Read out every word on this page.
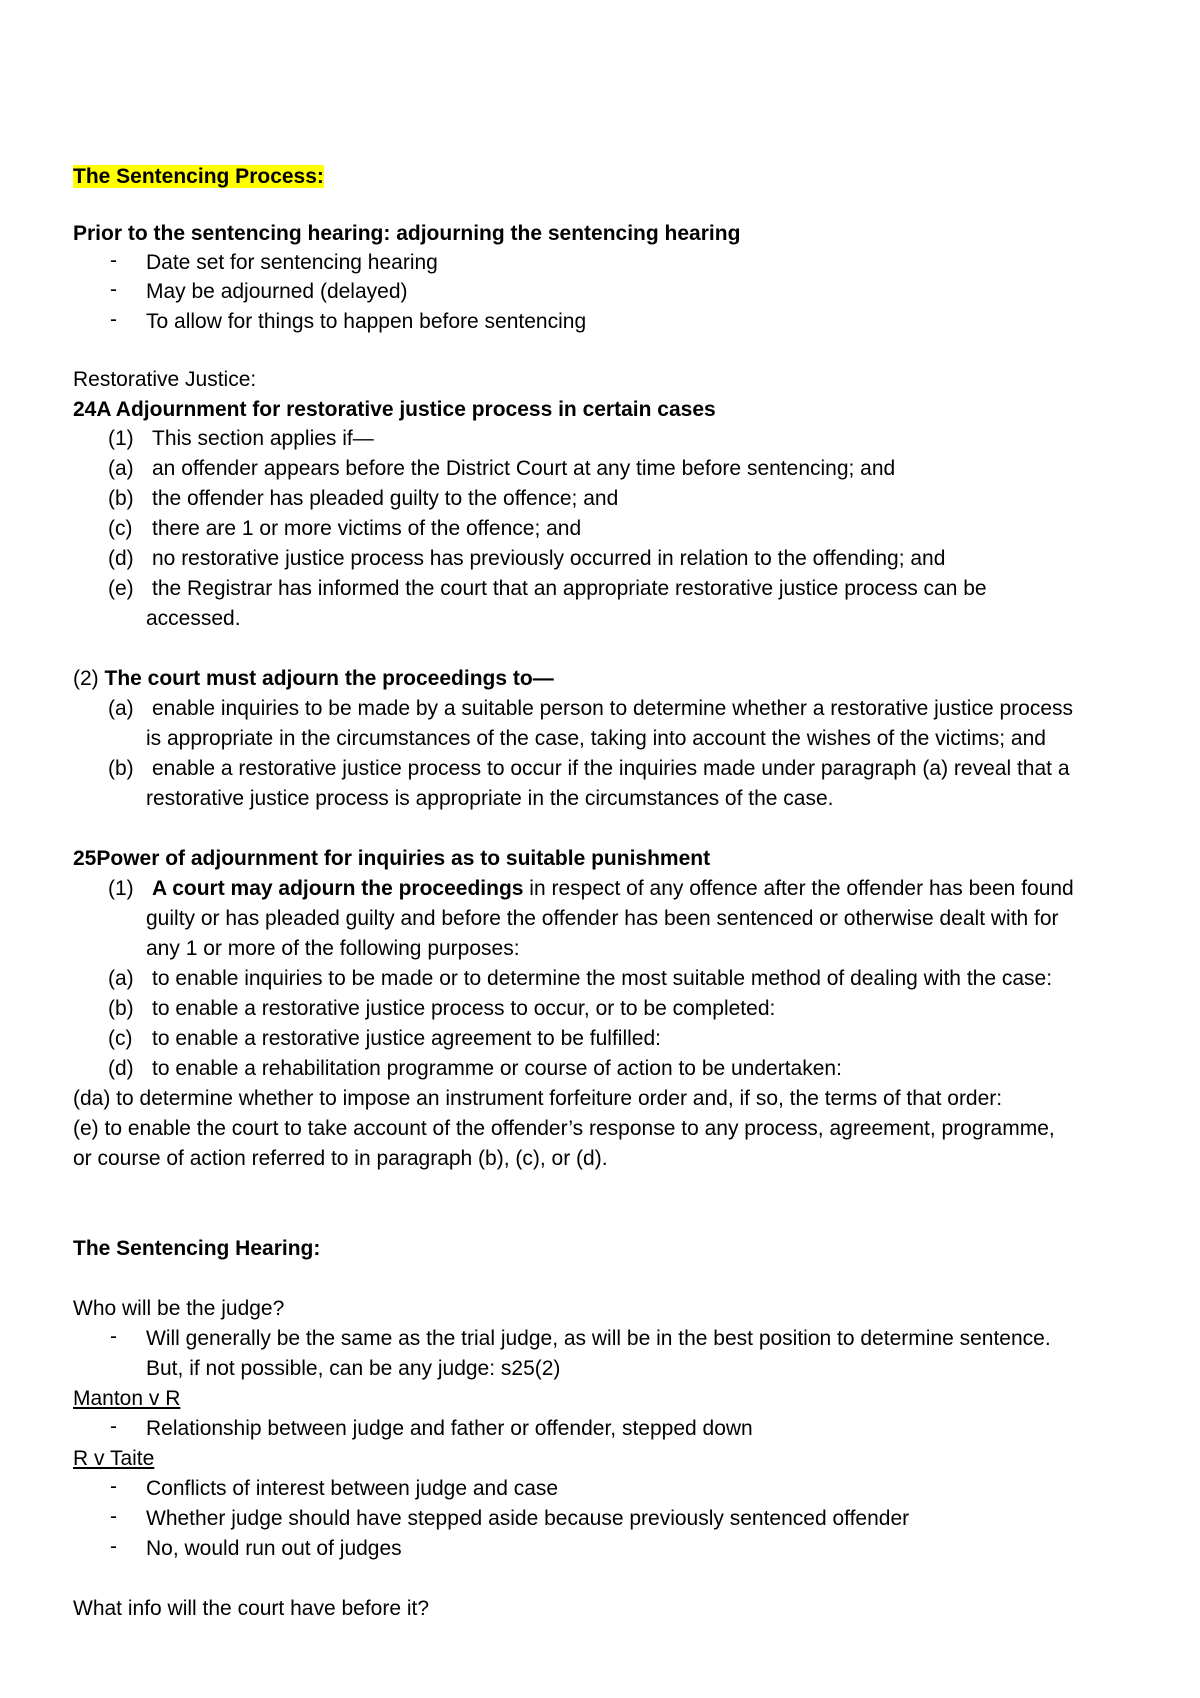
The Sentencing Process:
Prior to the sentencing hearing: adjourning the sentencing hearing
- Date set for sentencing hearing
- May be adjourned (delayed)
- To allow for things to happen before sentencing
Restorative Justice:
24A Adjournment for restorative justice process in certain cases
(1) This section applies if—
(a) an offender appears before the District Court at any time before sentencing; and
(b) the offender has pleaded guilty to the offence; and
(c) there are 1 or more victims of the offence; and
(d) no restorative justice process has previously occurred in relation to the offending; and
(e) the Registrar has informed the court that an appropriate restorative justice process can be
accessed.
(2) The court must adjourn the proceedings to—
(a) enable inquiries to be made by a suitable person to determine whether a restorative justice process
is appropriate in the circumstances of the case, taking into account the wishes of the victims; and
(b) enable a restorative justice process to occur if the inquiries made under paragraph (a) reveal that a
restorative justice process is appropriate in the circumstances of the case.
25Power of adjournment for inquiries as to suitable punishment
(1) A court may adjourn the proceedings in respect of any offence after the offender has been found
guilty or has pleaded guilty and before the offender has been sentenced or otherwise dealt with for
any 1 or more of the following purposes:
(a) to enable inquiries to be made or to determine the most suitable method of dealing with the case:
(b) to enable a restorative justice process to occur, or to be completed:
(c) to enable a restorative justice agreement to be fulfilled:
(d) to enable a rehabilitation programme or course of action to be undertaken:
(da) to determine whether to impose an instrument forfeiture order and, if so, the terms of that order:
(e) to enable the court to take account of the offender’s response to any process, agreement, programme,
or course of action referred to in paragraph (b), (c), or (d).
The Sentencing Hearing:
Who will be the judge?
- Will generally be the same as the trial judge, as will be in the best position to determine sentence.
But, if not possible, can be any judge: s25(2)
Manton v R
- Relationship between judge and father or offender, stepped down
R v Taite
- Conflicts of interest between judge and case
- Whether judge should have stepped aside because previously sentenced offender
- No, would run out of judges
What info will the court have before it?
